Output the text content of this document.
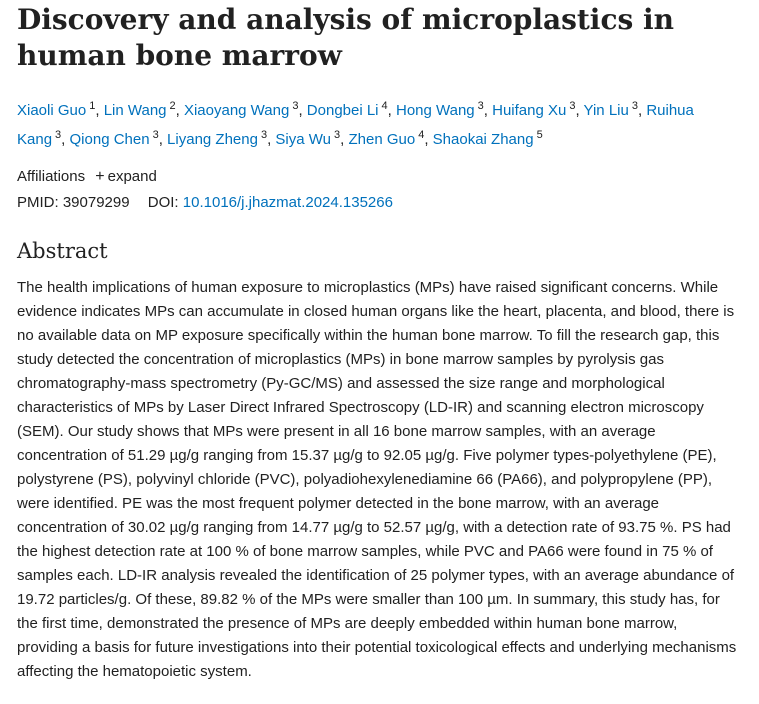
Discovery and analysis of microplastics in human bone marrow
Xiaoli Guo $^1$, Lin Wang $^2$, Xiaoyang Wang $^3$, Dongbei Li $^4$, Hong Wang $^3$, Huifang Xu $^3$, Yin Liu $^3$, Ruihua Kang $^3$, Qiong Chen $^3$, Liyang Zheng $^3$, Siya Wu $^3$, Zhen Guo $^4$, Shaokai Zhang $^5$
Affiliations + expand
PMID: 39079299 DOI: 10.1016/j.jhazmat.2024.135266
Abstract

The health implications of human exposure to microplastics (MPs) have raised significant concerns. While evidence indicates MPs can accumulate in closed human organs like the heart, placenta, and blood, there is no available data on MP exposure specifically within the human bone marrow. To fill the research gap, this study detected the concentration of microplastics (MPs) in bone marrow samples by pyrolysis gas chromatography-mass spectrometry (Py-GC/MS) and assessed the size range and morphological characteristics of MPs by Laser Direct Infrared Spectroscopy (LD-IR) and scanning electron microscopy (SEM). Our study shows that MPs were present in all 16 bone marrow samples, with an average concentration of 51.29 µg/g ranging from 15.37 µg/g to 92.05 µg/g. Five polymer types-polyethylene (PE), polystyrene (PS), polyvinyl chloride (PVC), polyadiohexylenediamine 66 (PA66), and polypropylene (PP), were identified. PE was the most frequent polymer detected in the bone marrow, with an average concentration of 30.02 µg/g ranging from 14.77 µg/g to 52.57 µg/g, with a detection rate of 93.75 %. PS had the highest detection rate at 100 % of bone marrow samples, while PVC and PA66 were found in 75 % of samples each. LD-IR analysis revealed the identification of 25 polymer types, with an average abundance of 19.72 particles/g. Of these, 89.82 % of the MPs were smaller than 100 µm. In summary, this study has, for the first time, demonstrated the presence of MPs are deeply embedded within human bone marrow, providing a basis for future investigations into their potential toxicological effects and underlying mechanisms affecting the hematopoietic system.
